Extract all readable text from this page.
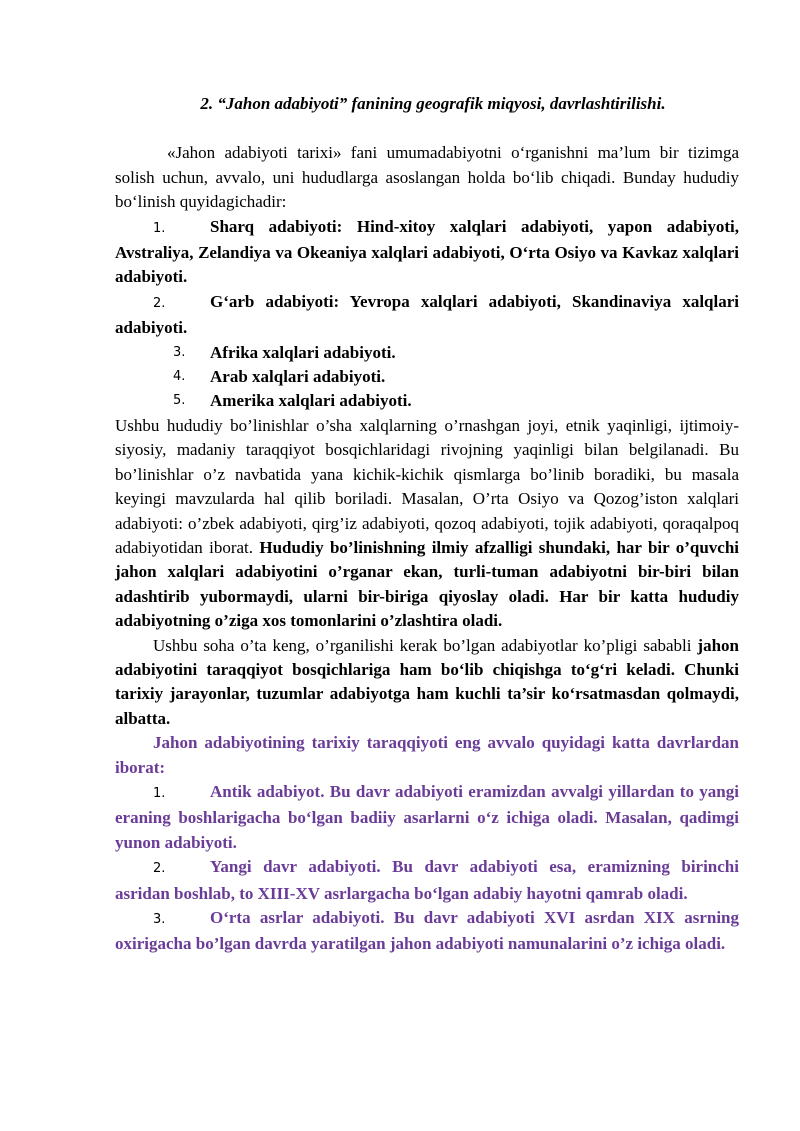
2. “Jahon adabiyoti” fanining geografik miqyosi, davrlashtirilishi.

«Jahon adabiyoti tarixi» fani umumadabiyotni o‘rganishni ma’lum bir tizimga solish uchun, avvalo, uni hududlarga asoslangan holda bo‘lib chiqadi. Bunday hududiy bo‘linish quyidagichadir:

1.	Sharq adabiyoti: Hind-xitoy xalqlari adabiyoti, yapon adabiyoti, Avstraliya, Zelandiya va Okeaniya xalqlari adabiyoti, O‘rta Osiyo va Kavkaz xalqlari adabiyoti.
2.	G‘arb adabiyoti: Yevropa xalqlari adabiyoti, Skandinaviya xalqlari adabiyoti.
3.	Afrika xalqlari adabiyoti.
4.	Arab xalqlari adabiyoti.
5.	Amerika xalqlari adabiyoti.

Ushbu hududiy bo’linishlar o’sha xalqlarning o’rnashgan joyi, etnik yaqinligi, ijtimoiy-siyosiy, madaniy taraqqiyot bosqichlaridagi rivojning yaqinligi bilan belgilanadi. Bu bo’linishlar o’z navbatida yana kichik-kichik qismlarga bo’linib boradiki, bu masala keyingi mavzularda hal qilib boriladi. Masalan, O’rta Osiyo va Qozog’iston xalqlari adabiyoti: o’zbek adabiyoti, qirg’iz adabiyoti, qozoq adabiyoti, tojik adabiyoti, qoraqalpoq adabiyotidan iborat. Hududiy bo’linishning ilmiy afzalligi shundaki, har bir o’quvchi jahon xalqlari adabiyotini o’rganar ekan, turli-tuman adabiyotni bir-biri bilan adashtirib yubormaydi, ularni bir-biriga qiyoslay oladi. Har bir katta hududiy adabiyotning o’ziga xos tomonlarini o’zlashtira oladi.

Ushbu soha o’ta keng, o’rganilishi kerak bo’lgan adabiyotlar ko’pligi sababli jahon adabiyotini taraqqiyot bosqichlariga ham bo‘lib chiqishga to‘g‘ri keladi. Chunki tarixiy jarayonlar, tuzumlar adabiyotga ham kuchli ta’sir ko‘rsatmasdan qolmaydi, albatta.

Jahon adabiyotining tarixiy taraqqiyoti eng avvalo quyidagi katta davrlardan iborat:

1.	Antik adabiyot. Bu davr adabiyoti eramizdan avvalgi yillardan to yangi eraning boshlarigacha bo‘lgan badiiy asarlarni o‘z ichiga oladi. Masalan, qadimgi yunon adabiyoti.
2.	Yangi davr adabiyoti. Bu davr adabiyoti esa, eramizning birinchi asridan boshlab, to XIII-XV asrlargacha bo‘lgan adabiy hayotni qamrab oladi.
3.	O‘rta asrlar adabiyoti. Bu davr adabiyoti XVI asrdan XIX asrning oxirigacha bo’lgan davrda yaratilgan jahon adabiyoti namunalarini o’z ichiga oladi.
